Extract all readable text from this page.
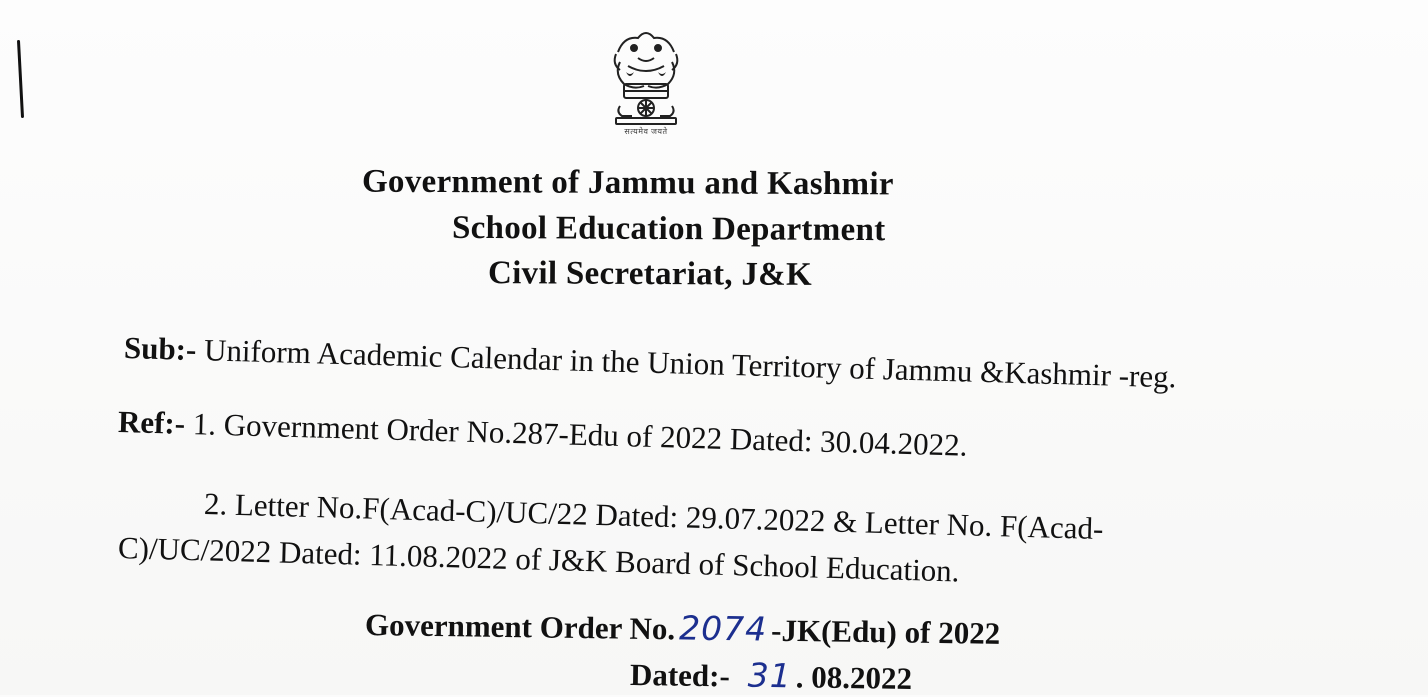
सत्यमेव जयते
Government of Jammu and Kashmir
School Education Department
Civil Secretariat, J&K
Sub:- Uniform Academic Calendar in the Union Territory of Jammu &Kashmir -reg.
Ref:- 1. Government Order No.287-Edu of 2022 Dated: 30.04.2022.
2. Letter No.F(Acad-C)/UC/22 Dated: 29.07.2022 & Letter No. F(Acad-
C)/UC/2022 Dated: 11.08.2022 of J&K Board of School Education.
Government Order No. 2074 -JK(Edu) of 2022
Dated:- 31 . 08.2022
